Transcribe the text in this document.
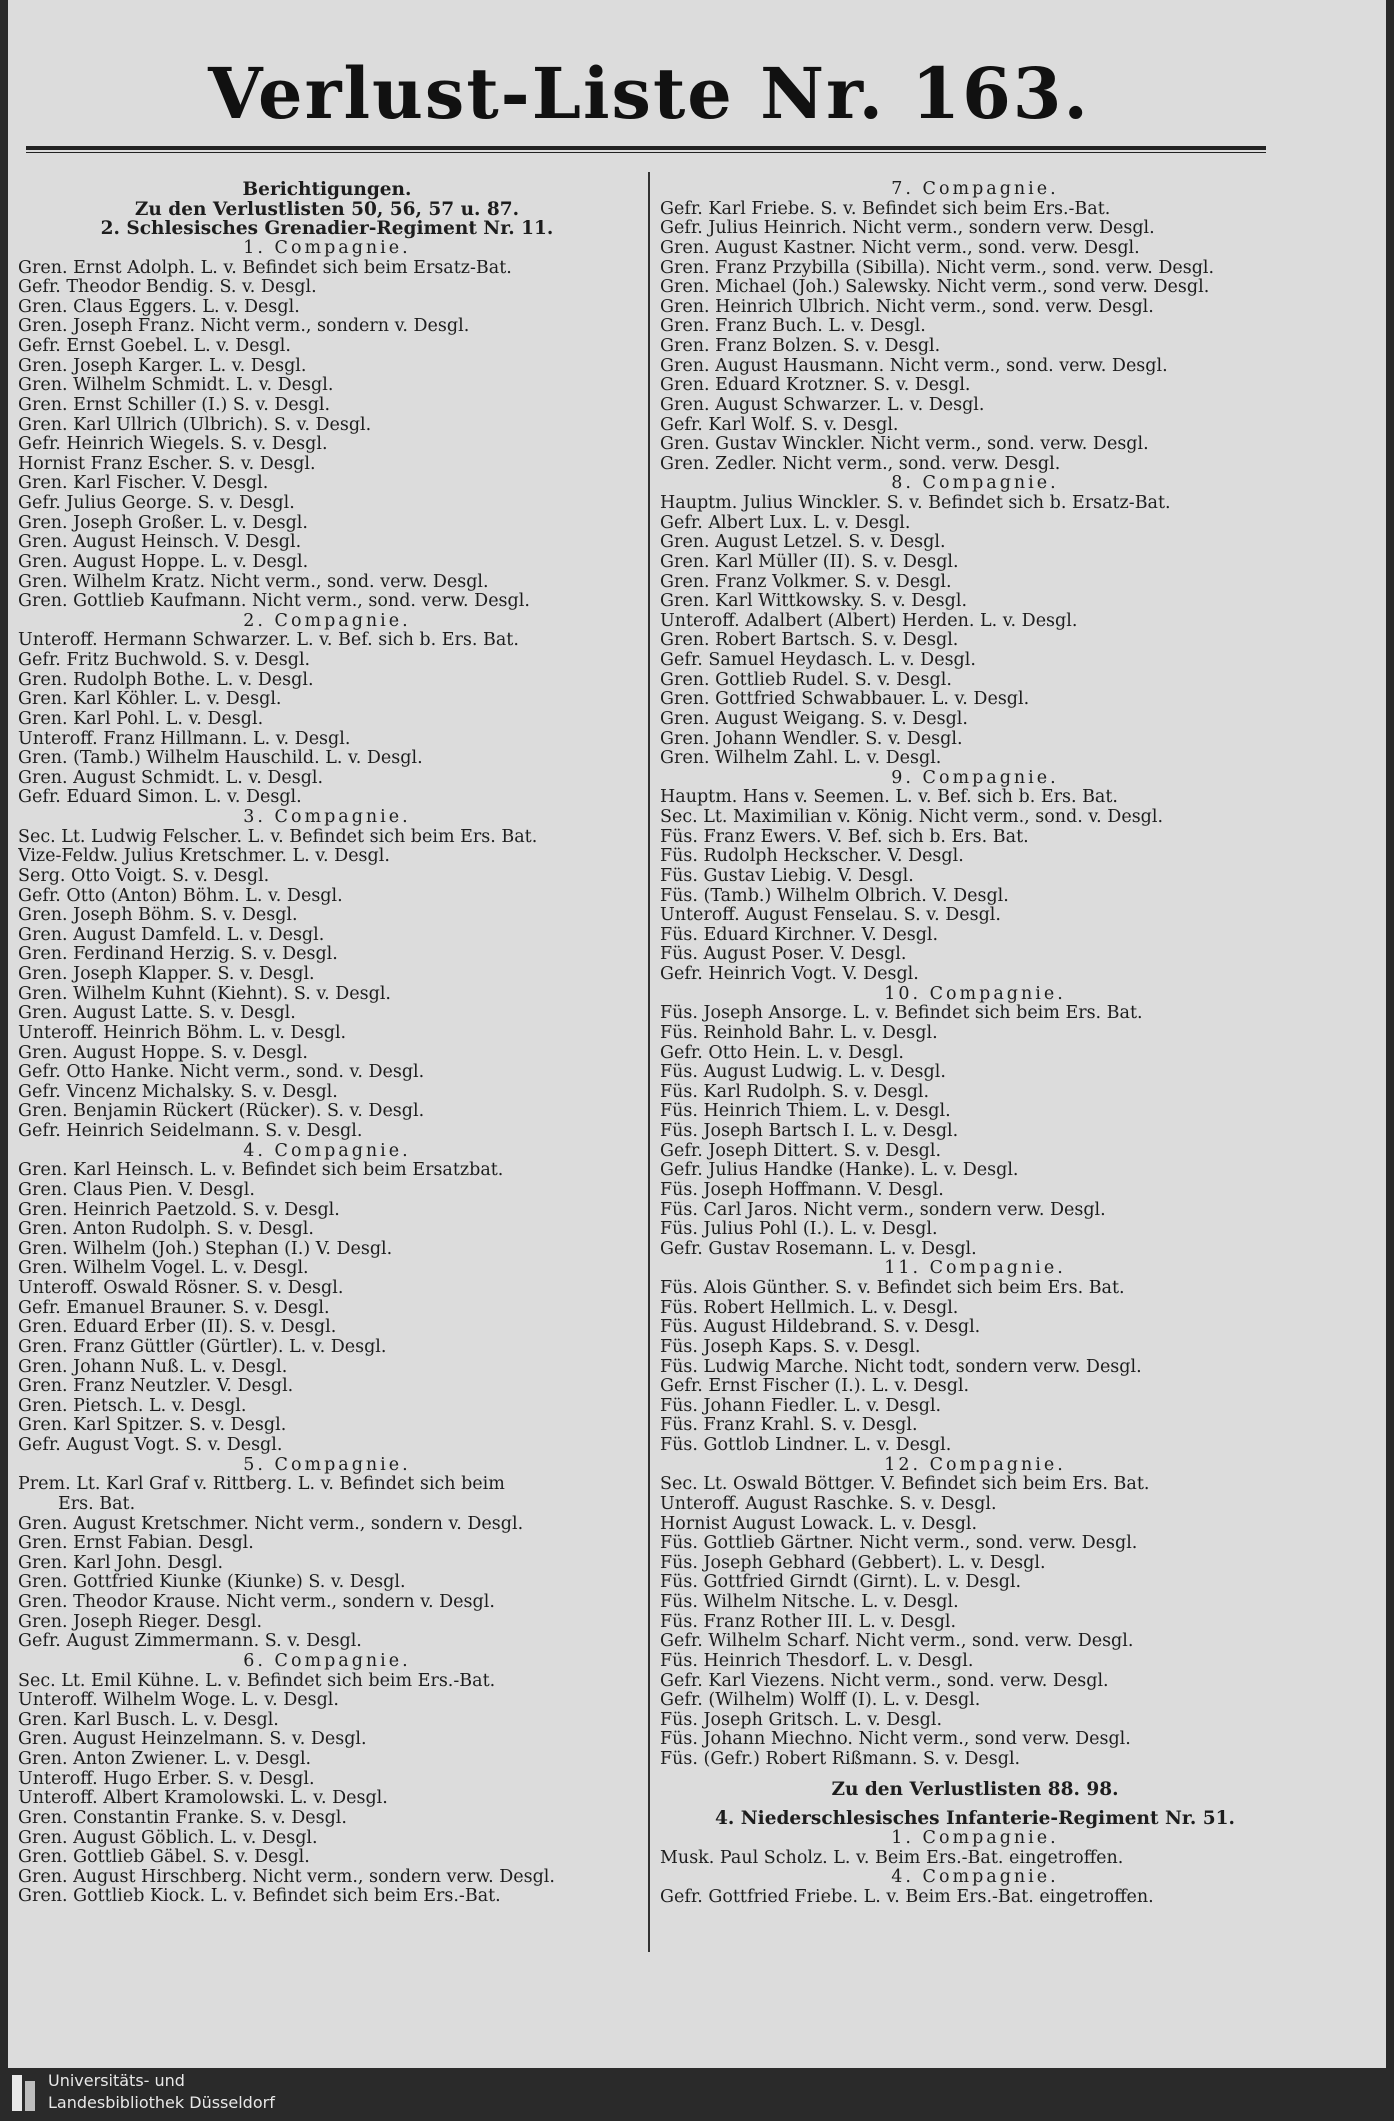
Verlust-Liste Nr. 163.
Berichtigungen.
Zu den Verlustlisten 50, 56, 57 u. 87.
2. Schlesisches Grenadier-Regiment Nr. 11.
1. Compagnie.
Gren. Ernst Adolph. L. v. Befindet sich beim Ersatz-Bat.
Gefr. Theodor Bendig. S. v. Desgl.
Gren. Claus Eggers. L. v. Desgl.
Gren. Joseph Franz. Nicht verm., sondern v. Desgl.
Gefr. Ernst Goebel. L. v. Desgl.
Gren. Joseph Karger. L. v. Desgl.
Gren. Wilhelm Schmidt. L. v. Desgl.
Gren. Ernst Schiller (I.) S. v. Desgl.
Gren. Karl Ullrich (Ulbrich). S. v. Desgl.
Gefr. Heinrich Wiegels. S. v. Desgl.
Hornist Franz Escher. S. v. Desgl.
Gren. Karl Fischer. V. Desgl.
Gefr. Julius George. S. v. Desgl.
Gren. Joseph Großer. L. v. Desgl.
Gren. August Heinsch. V. Desgl.
Gren. August Hoppe. L. v. Desgl.
Gren. Wilhelm Kratz. Nicht verm., sond. verw. Desgl.
Gren. Gottlieb Kaufmann. Nicht verm., sond. verw. Desgl.
2. Compagnie.
Unteroff. Hermann Schwarzer. L. v. Bef. sich b. Ers. Bat.
Gefr. Fritz Buchwold. S. v. Desgl.
Gren. Rudolph Bothe. L. v. Desgl.
Gren. Karl Köhler. L. v. Desgl.
Gren. Karl Pohl. L. v. Desgl.
Unteroff. Franz Hillmann. L. v. Desgl.
Gren. (Tamb.) Wilhelm Hauschild. L. v. Desgl.
Gren. August Schmidt. L. v. Desgl.
Gefr. Eduard Simon. L. v. Desgl.
3. Compagnie.
Sec. Lt. Ludwig Felscher. L. v. Befindet sich beim Ers. Bat.
Vize-Feldw. Julius Kretschmer. L. v. Desgl.
Serg. Otto Voigt. S. v. Desgl.
Gefr. Otto (Anton) Böhm. L. v. Desgl.
Gren. Joseph Böhm. S. v. Desgl.
Gren. August Damfeld. L. v. Desgl.
Gren. Ferdinand Herzig. S. v. Desgl.
Gren. Joseph Klapper. S. v. Desgl.
Gren. Wilhelm Kuhnt (Kiehnt). S. v. Desgl.
Gren. August Latte. S. v. Desgl.
Unteroff. Heinrich Böhm. L. v. Desgl.
Gren. August Hoppe. S. v. Desgl.
Gefr. Otto Hanke. Nicht verm., sond. v. Desgl.
Gefr. Vincenz Michalsky. S. v. Desgl.
Gren. Benjamin Rückert (Rücker). S. v. Desgl.
Gefr. Heinrich Seidelmann. S. v. Desgl.
4. Compagnie.
Gren. Karl Heinsch. L. v. Befindet sich beim Ersatzbat.
Gren. Claus Pien. V. Desgl.
Gren. Heinrich Paetzold. S. v. Desgl.
Gren. Anton Rudolph. S. v. Desgl.
Gren. Wilhelm (Joh.) Stephan (I.) V. Desgl.
Gren. Wilhelm Vogel. L. v. Desgl.
Unteroff. Oswald Rösner. S. v. Desgl.
Gefr. Emanuel Brauner. S. v. Desgl.
Gren. Eduard Erber (II). S. v. Desgl.
Gren. Franz Güttler (Gürtler). L. v. Desgl.
Gren. Johann Nuß. L. v. Desgl.
Gren. Franz Neutzler. V. Desgl.
Gren. Pietsch. L. v. Desgl.
Gren. Karl Spitzer. S. v. Desgl.
Gefr. August Vogt. S. v. Desgl.
5. Compagnie.
Prem. Lt. Karl Graf v. Rittberg. L. v. Befindet sich beim
Ers. Bat.
Gren. August Kretschmer. Nicht verm., sondern v. Desgl.
Gren. Ernst Fabian. Desgl.
Gren. Karl John. Desgl.
Gren. Gottfried Kiunke (Kiunke) S. v. Desgl.
Gren. Theodor Krause. Nicht verm., sondern v. Desgl.
Gren. Joseph Rieger. Desgl.
Gefr. August Zimmermann. S. v. Desgl.
6. Compagnie.
Sec. Lt. Emil Kühne. L. v. Befindet sich beim Ers.-Bat.
Unteroff. Wilhelm Woge. L. v. Desgl.
Gren. Karl Busch. L. v. Desgl.
Gren. August Heinzelmann. S. v. Desgl.
Gren. Anton Zwiener. L. v. Desgl.
Unteroff. Hugo Erber. S. v. Desgl.
Unteroff. Albert Kramolowski. L. v. Desgl.
Gren. Constantin Franke. S. v. Desgl.
Gren. August Göblich. L. v. Desgl.
Gren. Gottlieb Gäbel. S. v. Desgl.
Gren. August Hirschberg. Nicht verm., sondern verw. Desgl.
Gren. Gottlieb Kiock. L. v. Befindet sich beim Ers.-Bat.
7. Compagnie.
Gefr. Karl Friebe. S. v. Befindet sich beim Ers.-Bat.
Gefr. Julius Heinrich. Nicht verm., sondern verw. Desgl.
Gren. August Kastner. Nicht verm., sond. verw. Desgl.
Gren. Franz Przybilla (Sibilla). Nicht verm., sond. verw. Desgl.
Gren. Michael (Joh.) Salewsky. Nicht verm., sond verw. Desgl.
Gren. Heinrich Ulbrich. Nicht verm., sond. verw. Desgl.
Gren. Franz Buch. L. v. Desgl.
Gren. Franz Bolzen. S. v. Desgl.
Gren. August Hausmann. Nicht verm., sond. verw. Desgl.
Gren. Eduard Krotzner. S. v. Desgl.
Gren. August Schwarzer. L. v. Desgl.
Gefr. Karl Wolf. S. v. Desgl.
Gren. Gustav Winckler. Nicht verm., sond. verw. Desgl.
Gren. Zedler. Nicht verm., sond. verw. Desgl.
8. Compagnie.
Hauptm. Julius Winckler. S. v. Befindet sich b. Ersatz-Bat.
Gefr. Albert Lux. L. v. Desgl.
Gren. August Letzel. S. v. Desgl.
Gren. Karl Müller (II). S. v. Desgl.
Gren. Franz Volkmer. S. v. Desgl.
Gren. Karl Wittkowsky. S. v. Desgl.
Unteroff. Adalbert (Albert) Herden. L. v. Desgl.
Gren. Robert Bartsch. S. v. Desgl.
Gefr. Samuel Heydasch. L. v. Desgl.
Gren. Gottlieb Rudel. S. v. Desgl.
Gren. Gottfried Schwabbauer. L. v. Desgl.
Gren. August Weigang. S. v. Desgl.
Gren. Johann Wendler. S. v. Desgl.
Gren. Wilhelm Zahl. L. v. Desgl.
9. Compagnie.
Hauptm. Hans v. Seemen. L. v. Bef. sich b. Ers. Bat.
Sec. Lt. Maximilian v. König. Nicht verm., sond. v. Desgl.
Füs. Franz Ewers. V. Bef. sich b. Ers. Bat.
Füs. Rudolph Heckscher. V. Desgl.
Füs. Gustav Liebig. V. Desgl.
Füs. (Tamb.) Wilhelm Olbrich. V. Desgl.
Unteroff. August Fenselau. S. v. Desgl.
Füs. Eduard Kirchner. V. Desgl.
Füs. August Poser. V. Desgl.
Gefr. Heinrich Vogt. V. Desgl.
10. Compagnie.
Füs. Joseph Ansorge. L. v. Befindet sich beim Ers. Bat.
Füs. Reinhold Bahr. L. v. Desgl.
Gefr. Otto Hein. L. v. Desgl.
Füs. August Ludwig. L. v. Desgl.
Füs. Karl Rudolph. S. v. Desgl.
Füs. Heinrich Thiem. L. v. Desgl.
Füs. Joseph Bartsch I. L. v. Desgl.
Gefr. Joseph Dittert. S. v. Desgl.
Gefr. Julius Handke (Hanke). L. v. Desgl.
Füs. Joseph Hoffmann. V. Desgl.
Füs. Carl Jaros. Nicht verm., sondern verw. Desgl.
Füs. Julius Pohl (I.). L. v. Desgl.
Gefr. Gustav Rosemann. L. v. Desgl.
11. Compagnie.
Füs. Alois Günther. S. v. Befindet sich beim Ers. Bat.
Füs. Robert Hellmich. L. v. Desgl.
Füs. August Hildebrand. S. v. Desgl.
Füs. Joseph Kaps. S. v. Desgl.
Füs. Ludwig Marche. Nicht todt, sondern verw. Desgl.
Gefr. Ernst Fischer (I.). L. v. Desgl.
Füs. Johann Fiedler. L. v. Desgl.
Füs. Franz Krahl. S. v. Desgl.
Füs. Gottlob Lindner. L. v. Desgl.
12. Compagnie.
Sec. Lt. Oswald Böttger. V. Befindet sich beim Ers. Bat.
Unteroff. August Raschke. S. v. Desgl.
Hornist August Lowack. L. v. Desgl.
Füs. Gottlieb Gärtner. Nicht verm., sond. verw. Desgl.
Füs. Joseph Gebhard (Gebbert). L. v. Desgl.
Füs. Gottfried Girndt (Girnt). L. v. Desgl.
Füs. Wilhelm Nitsche. L. v. Desgl.
Füs. Franz Rother III. L. v. Desgl.
Gefr. Wilhelm Scharf. Nicht verm., sond. verw. Desgl.
Füs. Heinrich Thesdorf. L. v. Desgl.
Gefr. Karl Viezens. Nicht verm., sond. verw. Desgl.
Gefr. (Wilhelm) Wolff (I). L. v. Desgl.
Füs. Joseph Gritsch. L. v. Desgl.
Füs. Johann Miechno. Nicht verm., sond verw. Desgl.
Füs. (Gefr.) Robert Rißmann. S. v. Desgl.
Zu den Verlustlisten 88. 98.
4. Niederschlesisches Infanterie-Regiment Nr. 51.
1. Compagnie.
Musk. Paul Scholz. L. v. Beim Ers.-Bat. eingetroffen.
4. Compagnie.
Gefr. Gottfried Friebe. L. v. Beim Ers.-Bat. eingetroffen.
Universitäts- und
Landesbibliothek Düsseldorf
